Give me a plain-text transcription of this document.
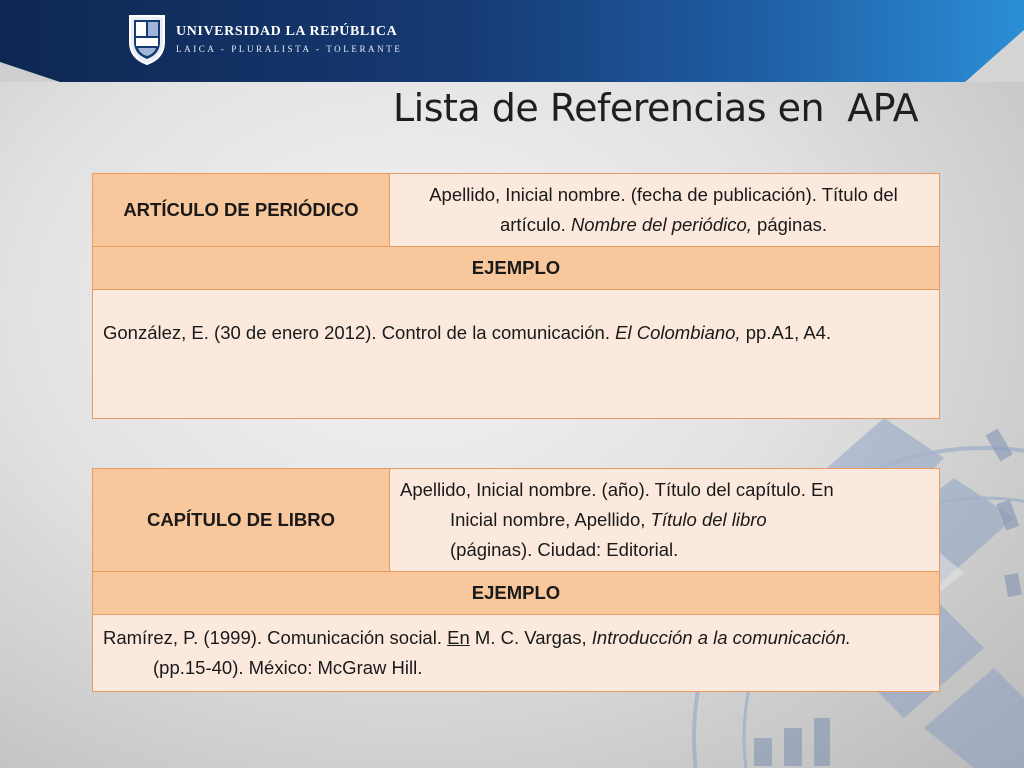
UNIVERSIDAD LA REPÚBLICA
LAICA - PLURALISTA - TOLERANTE
Lista de Referencias en  APA
ARTÍCULO DE PERIÓDICO	
Apellido, Inicial nombre. (fecha de publicación). Título del artículo. Nombre del periódico, páginas.

EJEMPLO

González, E. (30 de enero 2012). Control de la comunicación. El Colombiano, pp.A1, A4.
CAPÍTULO DE LIBRO	
Apellido, Inicial nombre. (año). Título del capítulo. En
Inicial nombre, Apellido, Título del libro
(páginas). Ciudad: Editorial.

EJEMPLO

Ramírez, P. (1999). Comunicación social. En M. C. Vargas, Introducción a la comunicación. (pp.15-40). México: McGraw Hill.
